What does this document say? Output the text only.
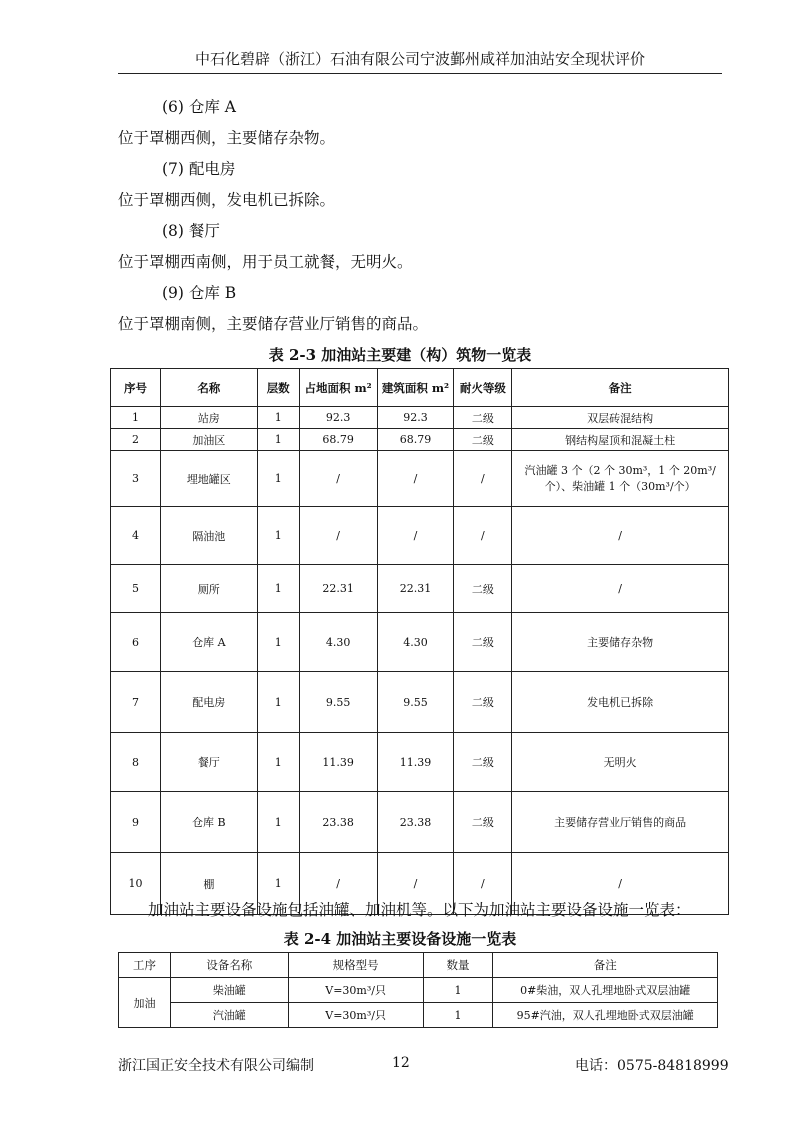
中石化碧辟（浙江）石油有限公司宁波鄞州咸祥加油站安全现状评价
(6) 仓库 A
位于罩棚西侧，主要储存杂物。
(7) 配电房
位于罩棚西侧，发电机已拆除。
(8) 餐厅
位于罩棚西南侧，用于员工就餐，无明火。
(9) 仓库 B
位于罩棚南侧，主要储存营业厅销售的商品。
表 2-3 加油站主要建（构）筑物一览表
序号	名称	层数	占地面积 m²	建筑面积 m²	耐火等级	备注
1	站房	1	92.3	92.3	二级	双层砖混结构
2	加油区	1	68.79	68.79	二级	钢结构屋顶和混凝土柱
3	埋地罐区	1	/	/	/	汽油罐 3 个（2 个 30m³，1 个 20m³/个）、柴油罐 1 个（30m³/个）
4	隔油池	1	/	/	/	/
5	厕所	1	22.31	22.31	二级	/
6	仓库 A	1	4.30	4.30	二级	主要储存杂物
7	配电房	1	9.55	9.55	二级	发电机已拆除
8	餐厅	1	11.39	11.39	二级	无明火
9	仓库 B	1	23.38	23.38	二级	主要储存营业厅销售的商品
10	棚	1	/	/	/	/
加油站主要设备设施包括油罐、加油机等。以下为加油站主要设备设施一览表：
表 2-4 加油站主要设备设施一览表
工序	设备名称	规格型号	数量	备注
加油	柴油罐	V=30m³/只	1	0#柴油，双人孔埋地卧式双层油罐
	汽油罐	V=30m³/只	1	95#汽油，双人孔埋地卧式双层油罐
浙江国正安全技术有限公司编制	12	电话：0575-84818999
